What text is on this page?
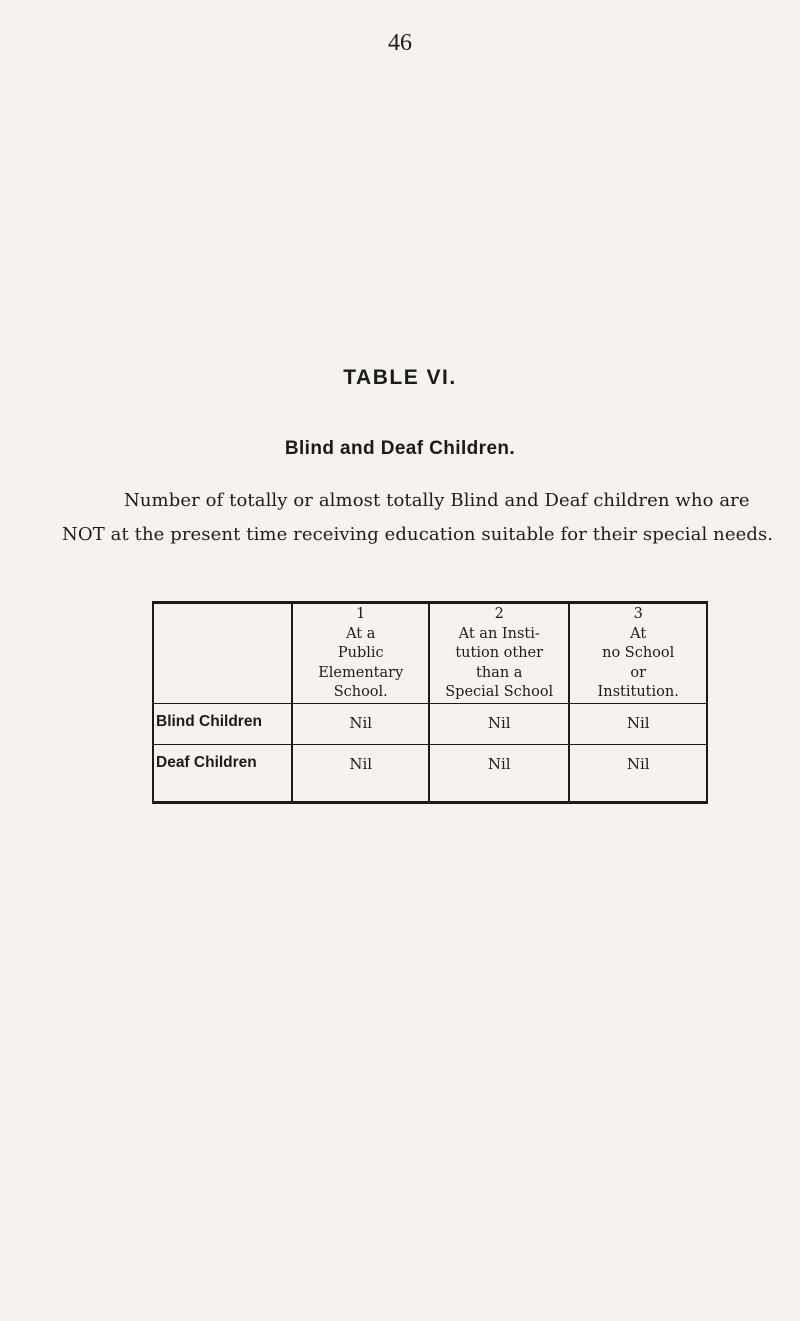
46
TABLE VI.
Blind and Deaf Children.
Number of totally or almost totally Blind and Deaf children who are
NOT at the present time receiving education suitable for their special needs.

	1
At a
Public
Elementary
School.	2
At an Insti-
tution other
than a
Special School	3
At
no School
or
Institution.

Blind Children	Nil	Nil	Nil
Deaf Children	Nil	Nil	Nil
